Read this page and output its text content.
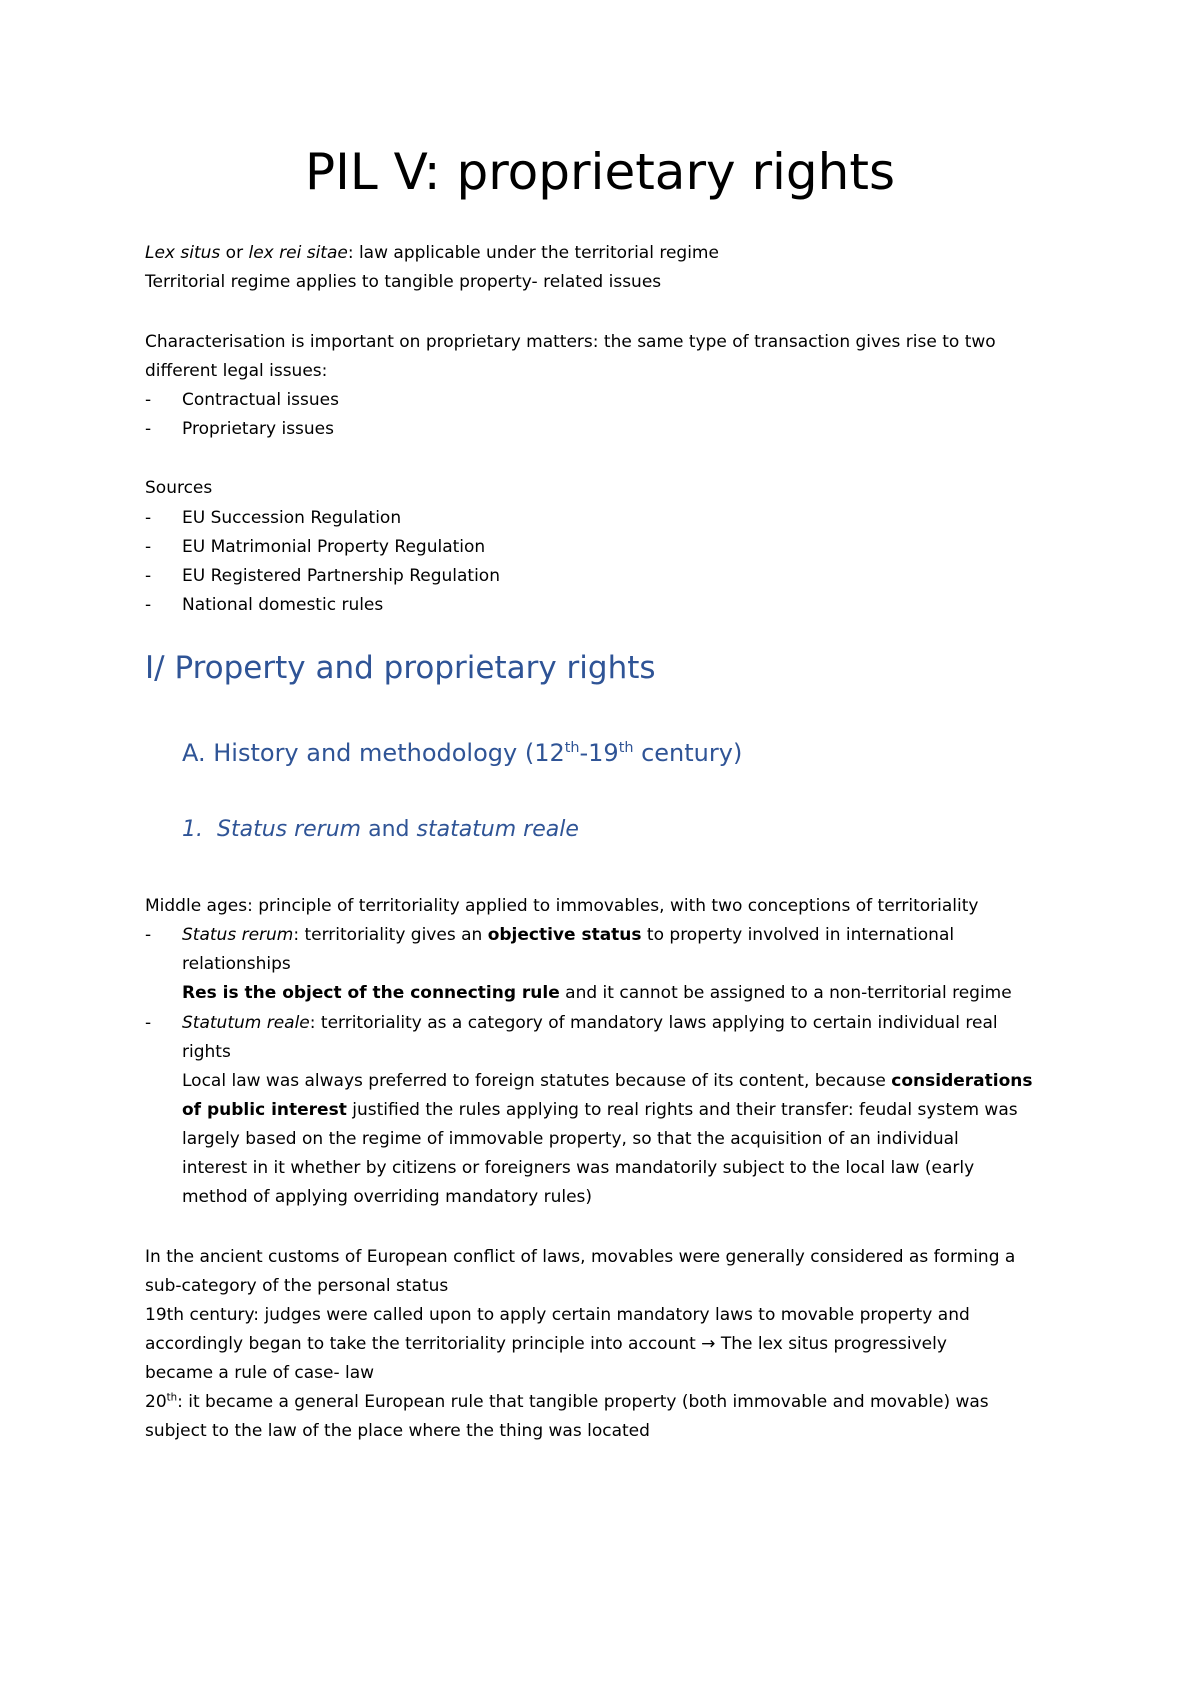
PIL V: proprietary rights
Lex situs or lex rei sitae: law applicable under the territorial regime
Territorial regime applies to tangible property- related issues
Characterisation is important on proprietary matters: the same type of transaction gives rise to two
different legal issues:
- Contractual issues
- Proprietary issues
Sources
- EU Succession Regulation
- EU Matrimonial Property Regulation
- EU Registered Partnership Regulation
- National domestic rules
I/ Property and proprietary rights
A. History and methodology (12th-19th century)
1. Status rerum and statatum reale
Middle ages: principle of territoriality applied to immovables, with two conceptions of territoriality
- Status rerum: territoriality gives an objective status to property involved in international
relationships
Res is the object of the connecting rule and it cannot be assigned to a non-territorial regime
- Statutum reale: territoriality as a category of mandatory laws applying to certain individual real
rights
Local law was always preferred to foreign statutes because of its content, because considerations
of public interest justified the rules applying to real rights and their transfer: feudal system was
largely based on the regime of immovable property, so that the acquisition of an individual
interest in it whether by citizens or foreigners was mandatorily subject to the local law (early
method of applying overriding mandatory rules)
In the ancient customs of European conflict of laws, movables were generally considered as forming a
sub-category of the personal status
19th century: judges were called upon to apply certain mandatory laws to movable property and
accordingly began to take the territoriality principle into account → The lex situs progressively
became a rule of case- law
20th: it became a general European rule that tangible property (both immovable and movable) was
subject to the law of the place where the thing was located
